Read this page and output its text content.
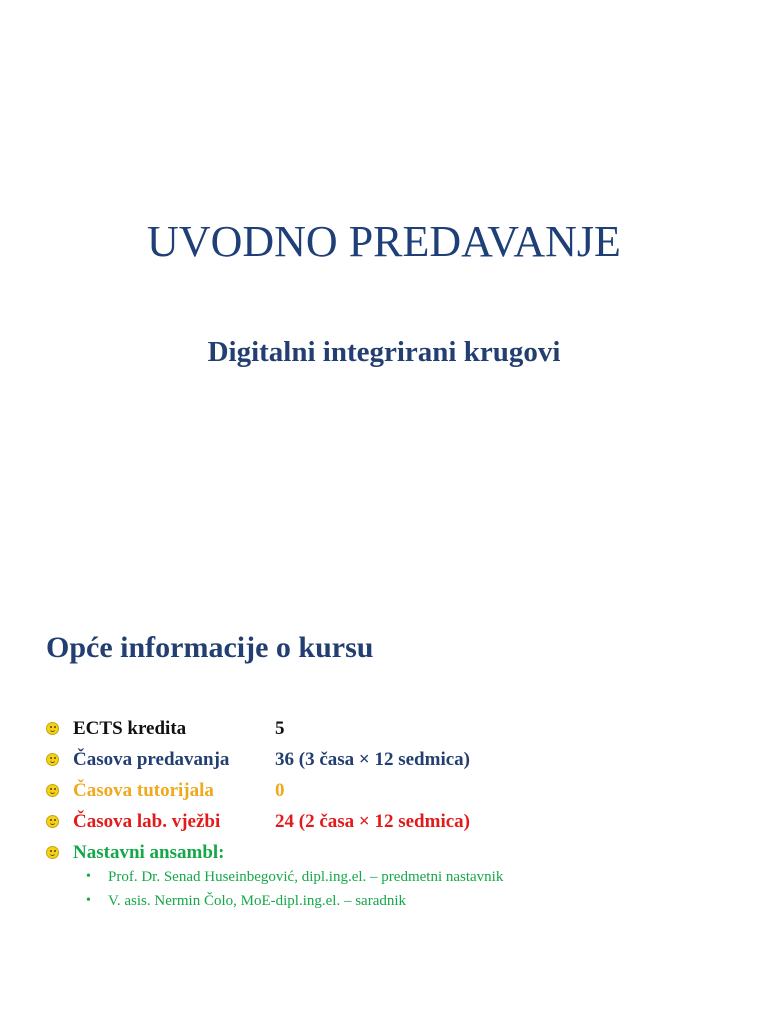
UVODNO PREDAVANJE
Digitalni integrirani krugovi
Opće informacije o kursu
ECTS kredita	5
Časova predavanja	36 (3 časa × 12 sedmica)
Časova tutorijala	0
Časova lab. vježbi	24 (2 časa × 12 sedmica)
Nastavni ansambl:
•	Prof. Dr. Senad Huseinbegović, dipl.ing.el. – predmetni nastavnik
•	V. asis. Nermin Čolo, MoE-dipl.ing.el. – saradnik
